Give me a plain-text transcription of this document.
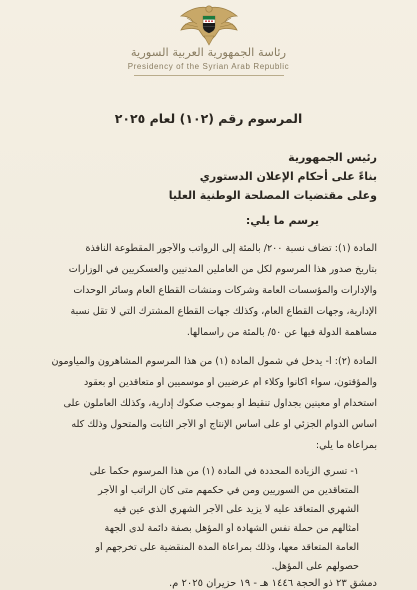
رئاسة الجمهورية العربية السورية
Presidency of the Syrian Arab Republic
المرسوم رقم (١٠٢) لعام ٢٠٢٥
رئيس الجمهورية
بناءً على أحكام الإعلان الدستوري
وعلى مقتضيات المصلحة الوطنية العليا
يرسم ما يلي:
المادة (١): تضاف نسبة ٢٠٠/ بالمئة إلى الرواتب والأجور المقطوعة النافذة
بتاريخ صدور هذا المرسوم لكل من العاملين المدنيين والعسكريين في الوزارات
والإدارات والمؤسسات العامة وشركات ومنشآت القطاع العام وسائر الوحدات
الإدارية، وجهات القطاع العام، وكذلك جهات القطاع المشترك التي لا تقل نسبة
مساهمة الدولة فيها عن ٥٠/ بالمئة من رأسمالها.
المادة (٢): أ- يدخل في شمول المادة (١) من هذا المرسوم المشاهرون والمياومون
والمؤقتون، سواء أكانوا وكلاء أم عرضيين أو موسميين أو متعاقدين أو بعقود
استخدام أو معينين بجداول تنقيط أو بموجب صكوك إدارية، وكذلك العاملون على
أساس الدوام الجزئي أو على أساس الإنتاج أو الأجر الثابت والمتحول وذلك كله
بمراعاة ما يلي:
١- تسري الزيادة المحددة في المادة (١) من هذا المرسوم حكماً على
المتعاقدين من السوريين ومن في حكمهم متى كان الراتب أو الأجر
الشهري المتعاقد عليه لا يزيد على الأجر الشهري الذي عين فيه
أمثالهم من حملة نفس الشهادة أو المؤهل بصفة دائمة لدى الجهة
العامة المتعاقد معها، وذلك بمراعاة المدة المنقضية على تخرجهم أو
حصولهم على المؤهل.
دمشق ٢٣ ذو الحجة ١٤٤٦ هـ - ١٩ حزيران ٢٠٢٥ م.
